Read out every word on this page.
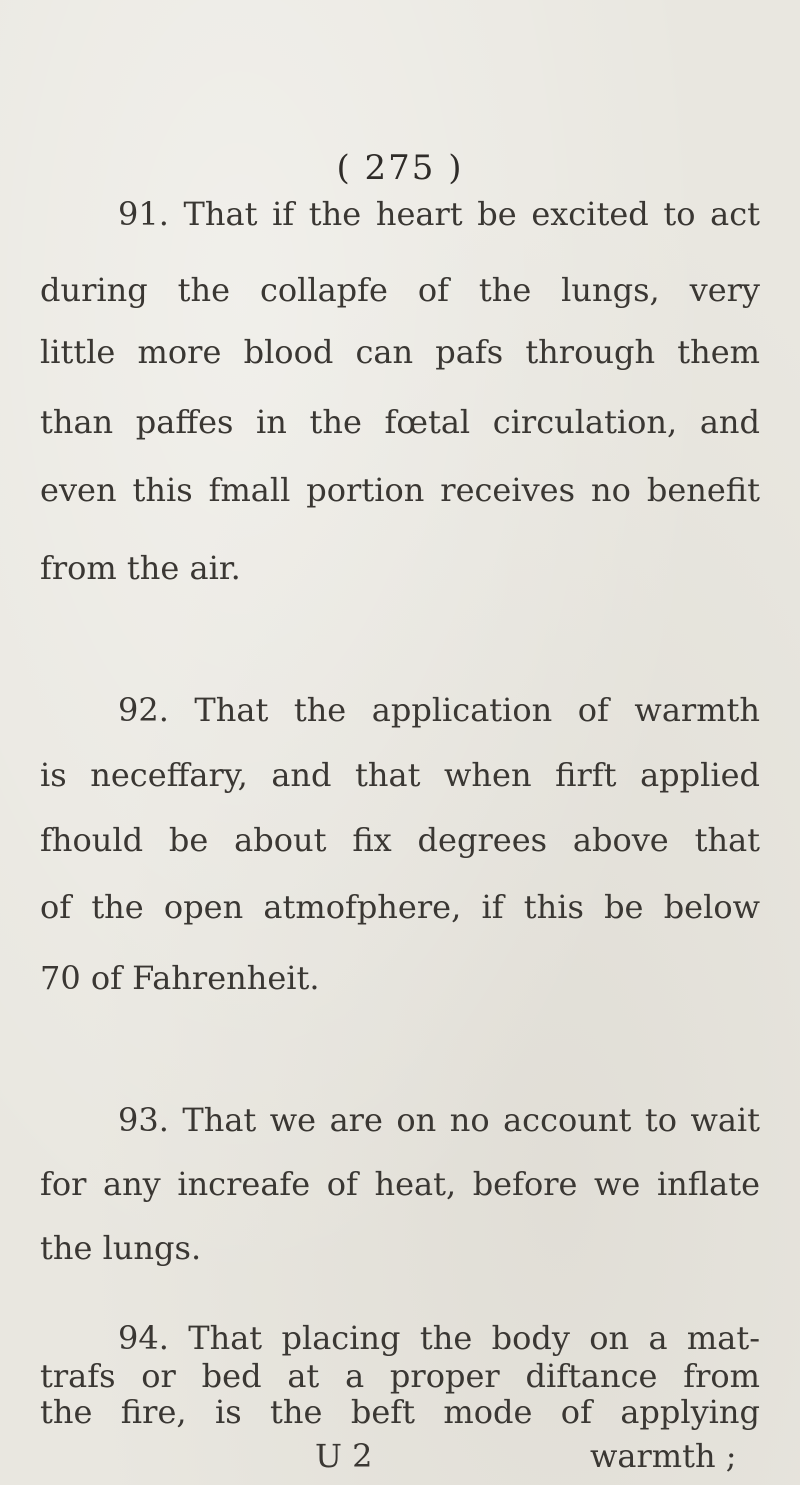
( 275 )
91. That if the heart be excited to act
during the collapfe of the lungs, very
little more blood can pafs through them
than paffes in the fœtal circulation, and
even this fmall portion receives no benefit
from the air.
92. That the application of warmth
is neceffary, and that when firft applied
fhould be about fix degrees above that
of the open atmofphere, if this be below
70 of Fahrenheit.
93. That we are on no account to wait
for any increafe of heat, before we inflate
the lungs.
94. That placing the body on a mat-
trafs or bed at a proper diftance from
the fire, is the beft mode of applying
U 2	warmth ;
